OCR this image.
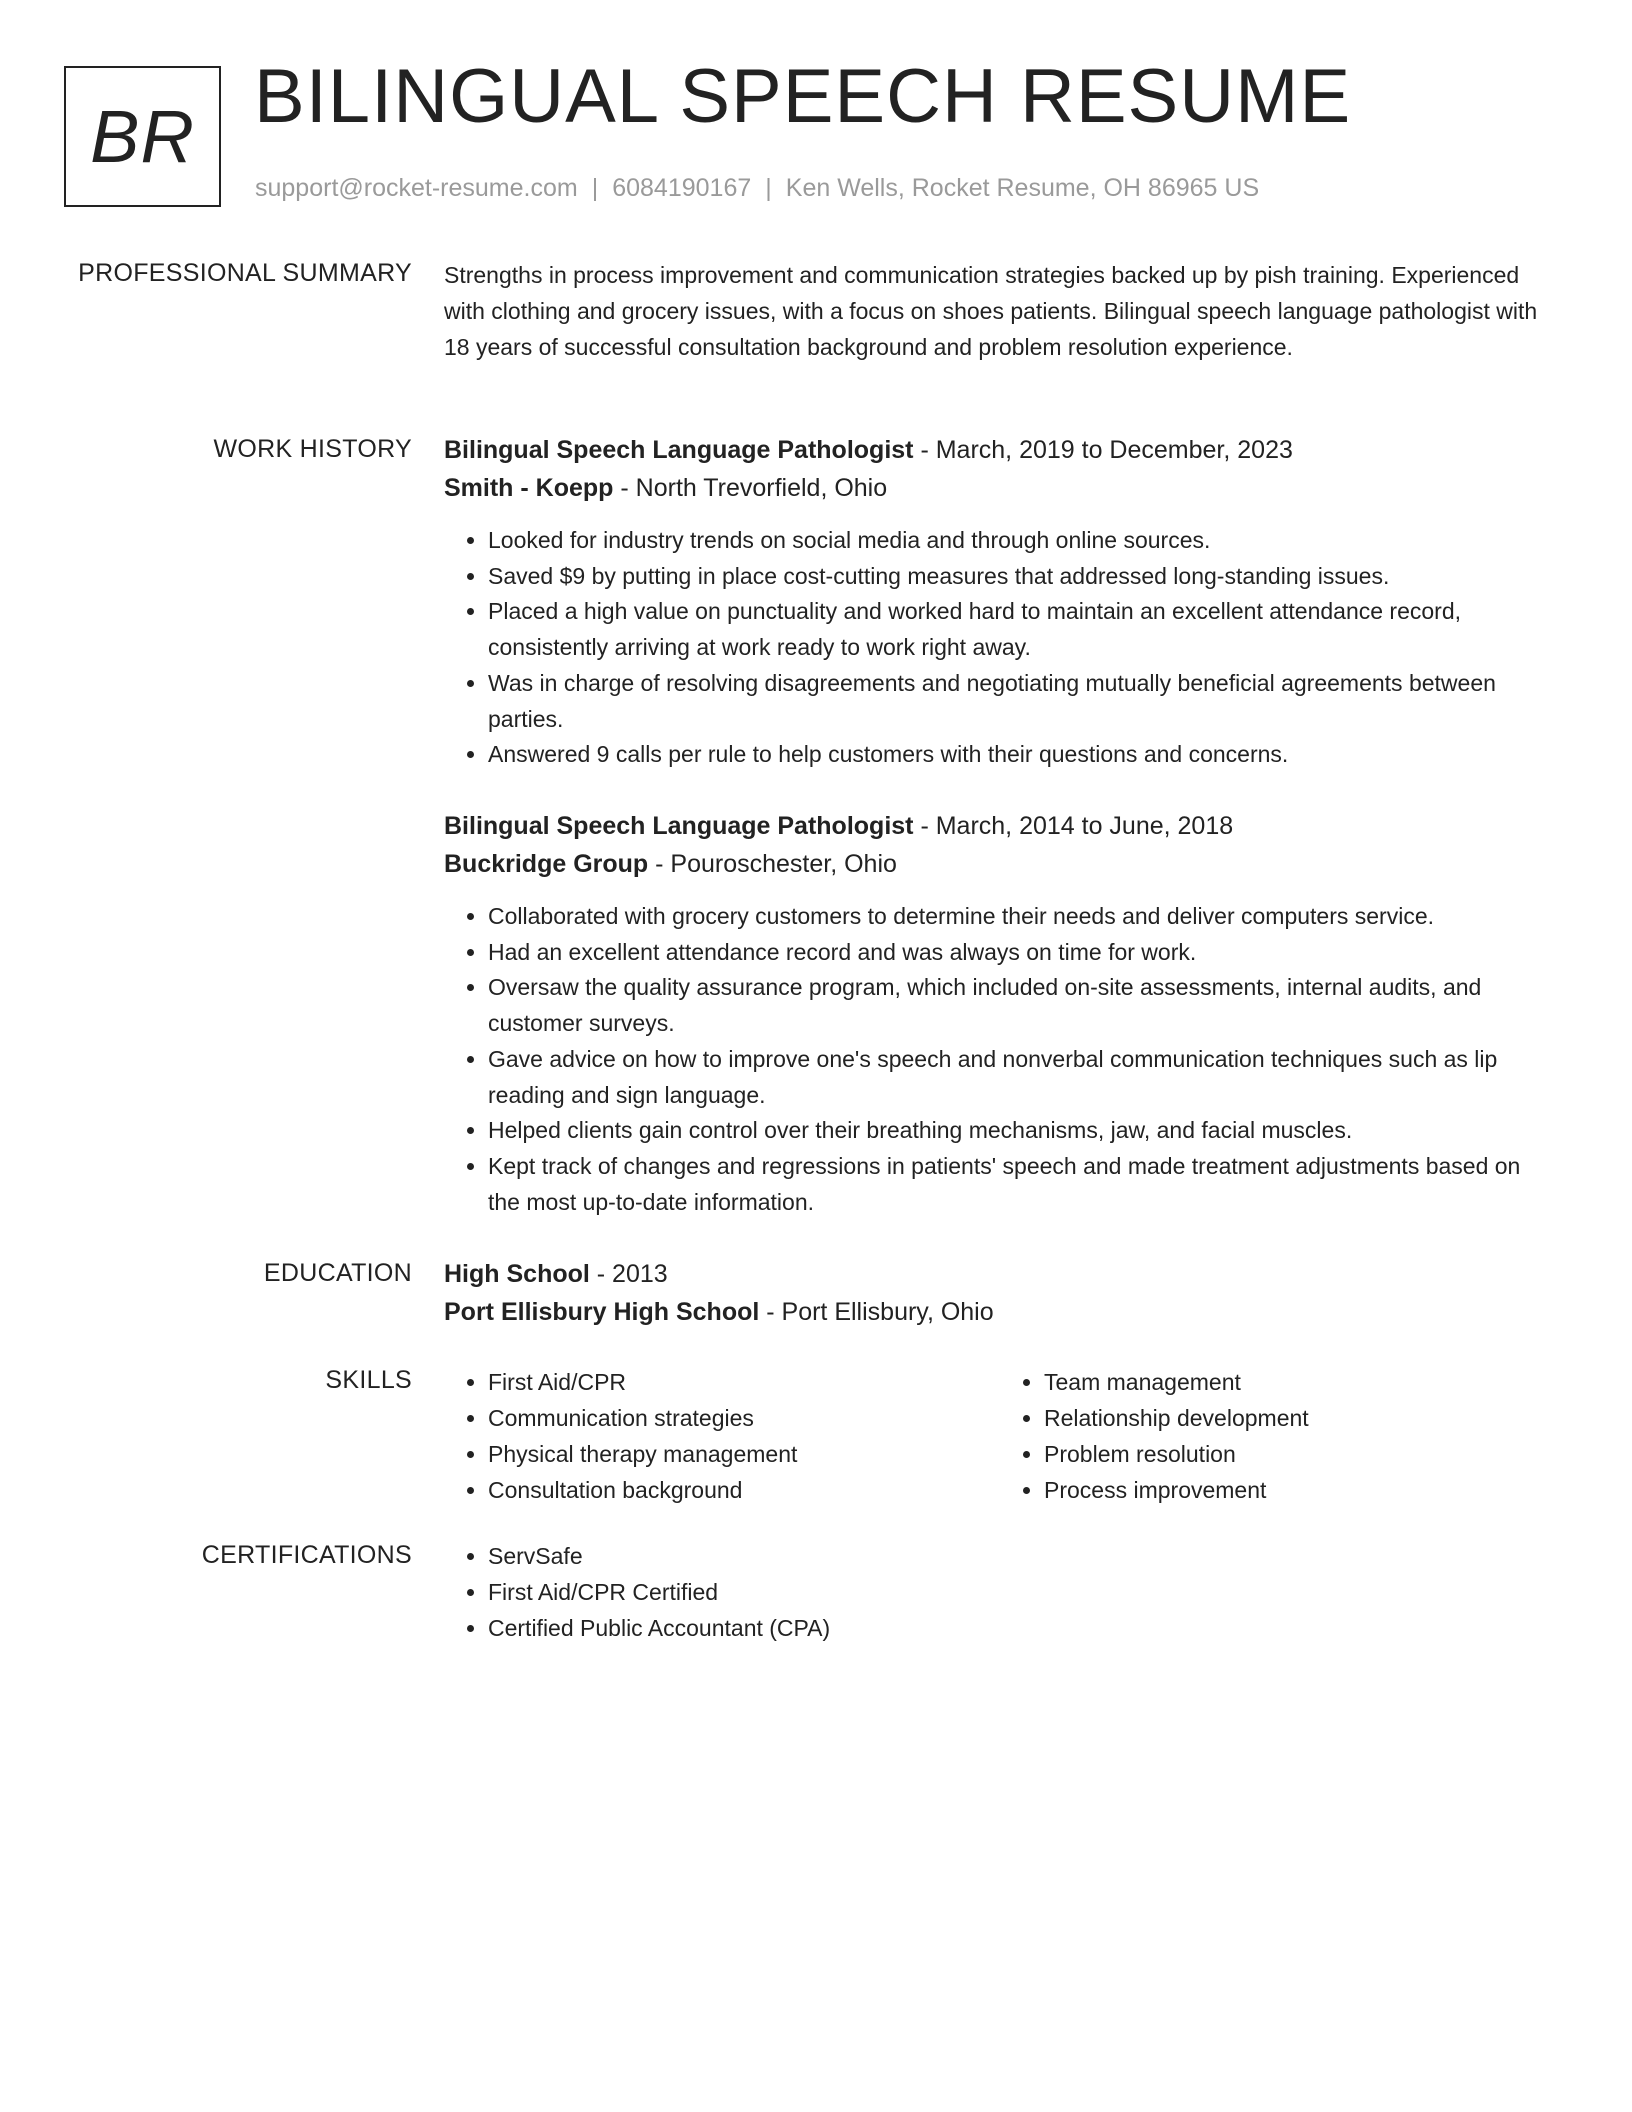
BR BILINGUAL SPEECH RESUME
support@rocket-resume.com | 6084190167 | Ken Wells, Rocket Resume, OH 86965 US
PROFESSIONAL SUMMARY Strengths in process improvement and communication strategies backed up by pish training. Experienced with clothing and grocery issues, with a focus on shoes patients. Bilingual speech language pathologist with 18 years of successful consultation background and problem resolution experience.

WORK HISTORY Bilingual Speech Language Pathologist - March, 2019 to December, 2023
Smith - Koepp - North Trevorfield, Ohio
• Looked for industry trends on social media and through online sources.
• Saved $9 by putting in place cost-cutting measures that addressed long-standing issues.
• Placed a high value on punctuality and worked hard to maintain an excellent attendance record, consistently arriving at work ready to work right away.
• Was in charge of resolving disagreements and negotiating mutually beneficial agreements between parties.
• Answered 9 calls per rule to help customers with their questions and concerns.
Bilingual Speech Language Pathologist - March, 2014 to June, 2018
Buckridge Group - Pouroschester, Ohio
• Collaborated with grocery customers to determine their needs and deliver computers service.
• Had an excellent attendance record and was always on time for work.
• Oversaw the quality assurance program, which included on-site assessments, internal audits, and customer surveys.
• Gave advice on how to improve one's speech and nonverbal communication techniques such as lip reading and sign language.
• Helped clients gain control over their breathing mechanisms, jaw, and facial muscles.
• Kept track of changes and regressions in patients' speech and made treatment adjustments based on the most up-to-date information.
EDUCATION High School - 2013
Port Ellisbury High School - Port Ellisbury, Ohio
SKILLS	• First Aid/CPR
• Communication strategies
• Physical therapy management
• Consultation background
• Team management
• Relationship development
• Problem resolution
• Process improvement
CERTIFICATIONS	• ServSafe
• First Aid/CPR Certified
• Certified Public Accountant (CPA)
